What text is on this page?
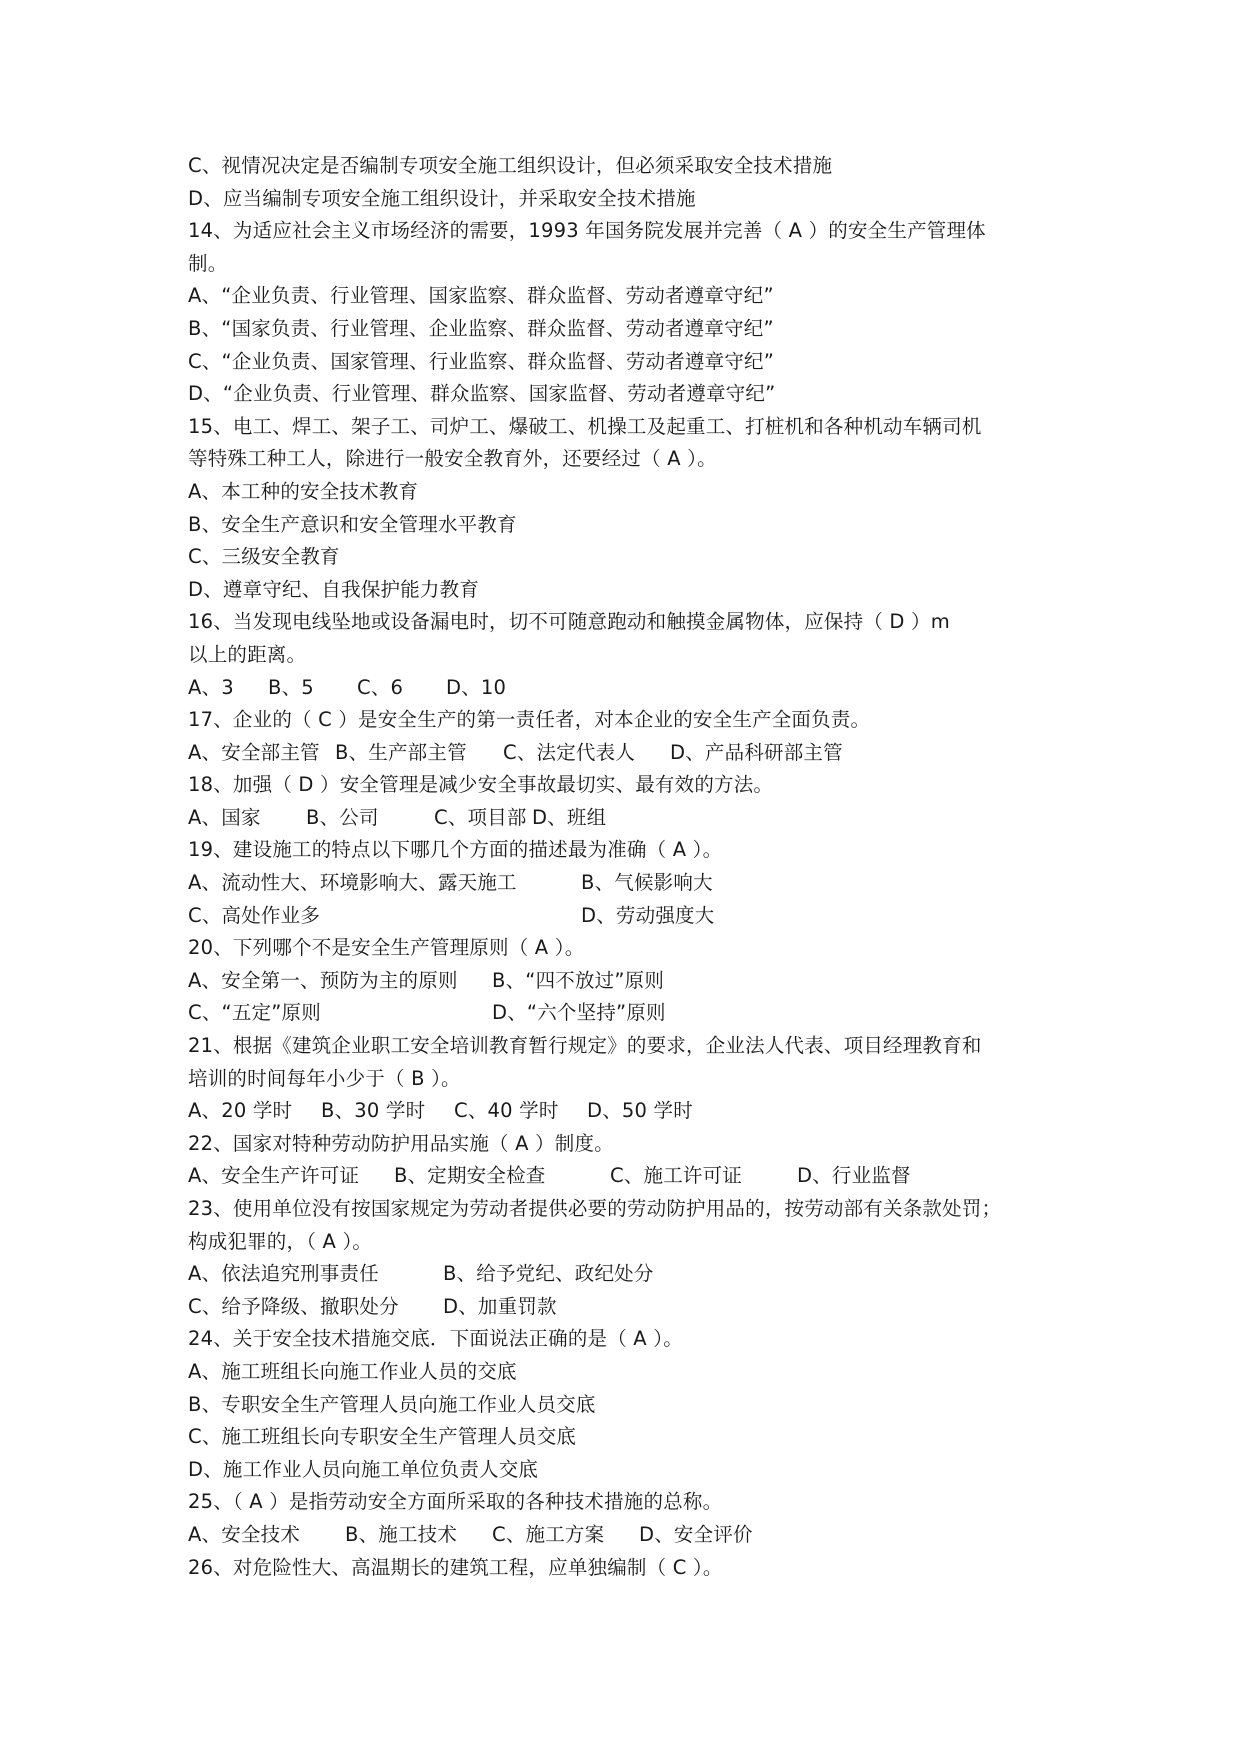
C、视情况决定是否编制专项安全施工组织设计，但必须采取安全技术措施
D、应当编制专项安全施工组织设计，并采取安全技术措施
14、为适应社会主义市场经济的需要，1993 年国务院发展并完善（ A ）的安全生产管理体
制。
A、“企业负责、行业管理、国家监察、群众监督、劳动者遵章守纪”
B、“国家负责、行业管理、企业监察、群众监督、劳动者遵章守纪”
C、“企业负责、国家管理、行业监察、群众监督、劳动者遵章守纪”
D、“企业负责、行业管理、群众监察、国家监督、劳动者遵章守纪”
15、电工、焊工、架子工、司炉工、爆破工、机操工及起重工、打桩机和各种机动车辆司机
等特殊工种工人，除进行一般安全教育外，还要经过（ A ）。
A、本工种的安全技术教育
B、安全生产意识和安全管理水平教育
C、三级安全教育
D、遵章守纪、自我保护能力教育
16、当发现电线坠地或设备漏电时，切不可随意跑动和触摸金属物体，应保持（ D ）m
以上的距离。
A、3 B、5 C、6 D、10
17、企业的（ C ）是安全生产的第一责任者，对本企业的安全生产全面负责。
A、安全部主管 B、生产部主管 C、法定代表人 D、产品科研部主管
18、加强（ D ）安全管理是减少安全事故最切实、最有效的方法。
A、国家 B、公司	C、项目部 D、班组
19、建设施工的特点以下哪几个方面的描述最为准确（ A ）。
A、流动性大、环境影响大、露天施工	B、气候影响大
C、高处作业多	D、劳动强度大
20、下列哪个不是安全生产管理原则（ A ）。
A、安全第一、预防为主的原则 B、“四不放过”原则
C、“五定”原则	D、“六个坚持”原则
21、根据《建筑企业职工安全培训教育暂行规定》的要求，企业法人代表、项目经理教育和
培训的时间每年小少于（ B ）。
A、20 学时 B、30 学时 C、40 学时 D、50 学时
22、国家对特种劳动防护用品实施（ A ）制度。
A、安全生产许可证 B、定期安全检查	C、施工许可证	D、行业监督
23、使用单位没有按国家规定为劳动者提供必要的劳动防护用品的，按劳动部有关条款处罚；
构成犯罪的，（ A ）。
A、依法追究刑事责任	B、给予党纪、政纪处分
C、给予降级、撤职处分 D、加重罚款
24、关于安全技术措施交底．下面说法正确的是（ A ）。
A、施工班组长向施工作业人员的交底
B、专职安全生产管理人员向施工作业人员交底
C、施工班组长向专职安全生产管理人员交底
D、施工作业人员向施工单位负责人交底
25、（ A ）是指劳动安全方面所采取的各种技术措施的总称。
A、安全技术 B、施工技术 C、施工方案 D、安全评价
26、对危险性大、高温期长的建筑工程，应单独编制（ C ）。
